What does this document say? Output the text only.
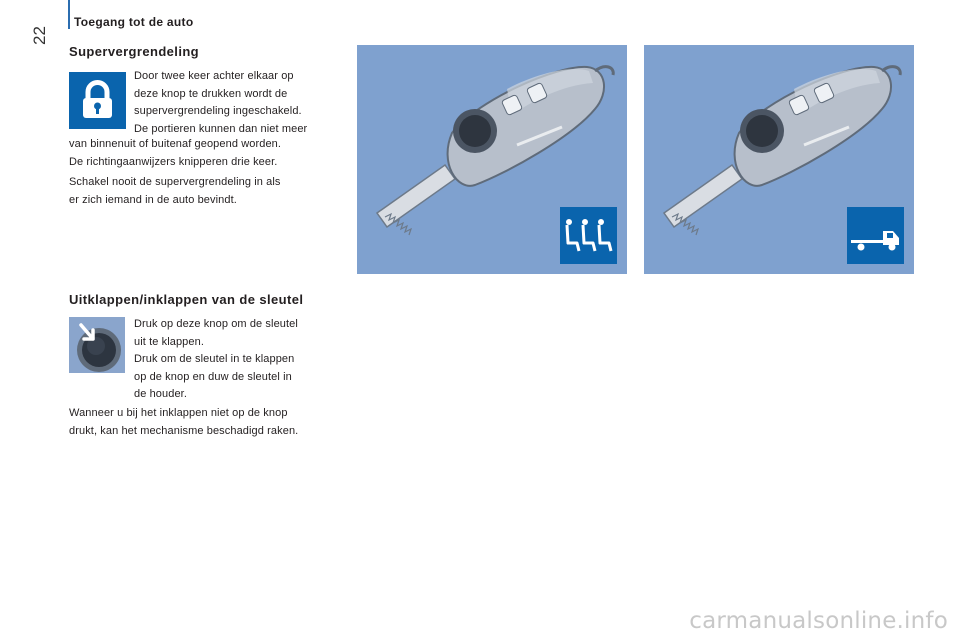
Toegang tot de auto
22
Supervergrendeling
Door twee keer achter elkaar op
deze knop te drukken wordt de
supervergrendeling ingeschakeld.
De portieren kunnen dan niet meer
van binnenuit of buitenaf geopend worden.
De richtingaanwijzers knipperen drie keer.
Schakel nooit de supervergrendeling in als
er zich iemand in de auto bevindt.
Uitklappen/inklappen van de sleutel
Druk op deze knop om de sleutel
uit te klappen.
Druk om de sleutel in te klappen
op de knop en duw de sleutel in
de houder.
Wanneer u bij het inklappen niet op de knop
drukt, kan het mechanisme beschadigd raken.
carmanualsonline.info
